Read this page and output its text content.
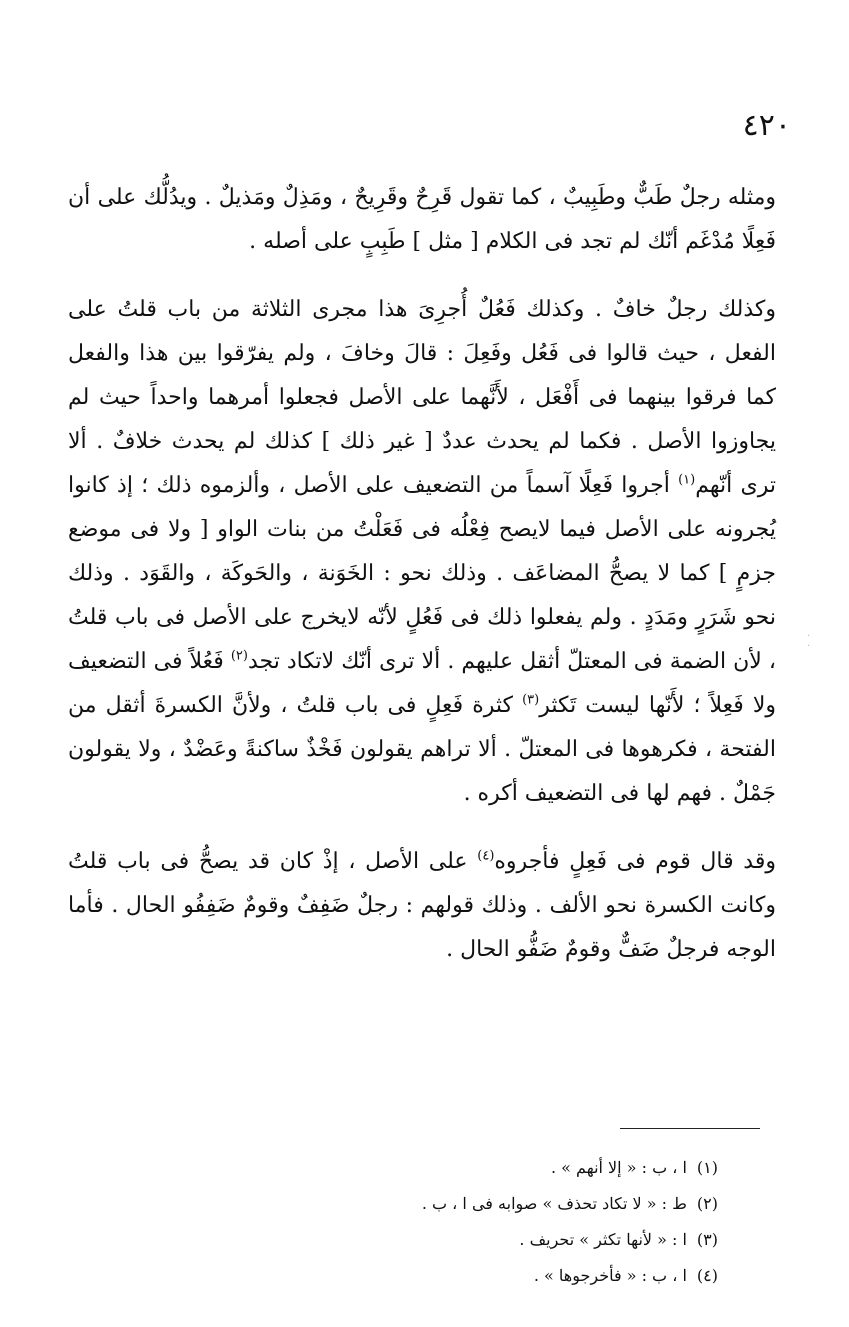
٤٢٠

ومثله رجلٌ طَبٌّ وطَبِيبٌ ، كما تقول قَرِحٌ وقَرِيحٌ ، ومَذِلٌ ومَذيلٌ . ويدُلُّك على أن فَعِلًا مُدْغَم أنّك لم تجد فى الكلام [ مثل ] طَبِبٍ على أصله .

وكذلك رجلٌ خافٌ . وكذلك فَعُلٌ أُجرِىَ هذا مجرى الثلاثة من باب قلتُ على الفعل ، حيث قالوا فى فَعُل وفَعِلَ : قالَ وخافَ ، ولم يفرّقوا بين هذا والفعل كما فرقوا بينهما فى أَفْعَل ، لأَنَّهما على الأصل فجعلوا أمرهما واحداً حيث لم يجاوزوا الأصل . فكما لم يحدث عددٌ [ غير ذلك ] كذلك لم يحدث خلافٌ . ألا ترى أنّهم$^{(١)}$ أجروا فَعِلًا آسماً من التضعيف على الأصل ، وألزموه ذلك ؛ إذ كانوا يُجرونه على الأصل فيما لايصح فِعْلُه فى فَعَلْتُ من بنات الواو [ ولا فى موضع جزمٍ ] كما لا يصحُّ المضاعَف . وذلك نحو : الخَوَنة ، والحَوكَة ، والقَوَد . وذلك نحو شَرَرٍ ومَدَدٍ . ولم يفعلوا ذلك فى فَعُلٍ لأنّه لايخرج على الأصل فى باب قلتُ ، لأن الضمة فى المعتلّ أثقل عليهم . ألا ترى أنّك لاتكاد تجد$^{(٢)}$ فَعُلاً فى التضعيف ولا فَعِلاً ؛ لأَنّها ليست تَكثر$^{(٣)}$ كثرة فَعِلٍ فى باب قلتُ ، ولأنَّ الكسرةَ أثقل من الفتحة ، فكرهوها فى المعتلّ . ألا تراهم يقولون فَخْذٌ ساكنةً وعَضْدٌ ، ولا يقولون جَمْلٌ . فهم لها فى التضعيف أكره .

وقد قال قوم فى فَعِلٍ فأجروه$^{(٤)}$ على الأصل ، إذْ كان قد يصحُّ فى باب قلتُ وكانت الكسرة نحو الألف . وذلك قولهم : رجلٌ ضَفِفٌ وقومٌ ضَفِفُو الحال . فأما الوجه فرجلٌ ضَفٌّ وقومٌ ضَفُّو الحال .

(١)ا ، ب : « إلا أنهم » .
(٢)ط : « لا تكاد تحذف » صوابه فى ا ، ب .
(٣)ا : « لأنها تكثر » تحريف .
(٤)ا ، ب : « فأخرجوها » .
·
·
